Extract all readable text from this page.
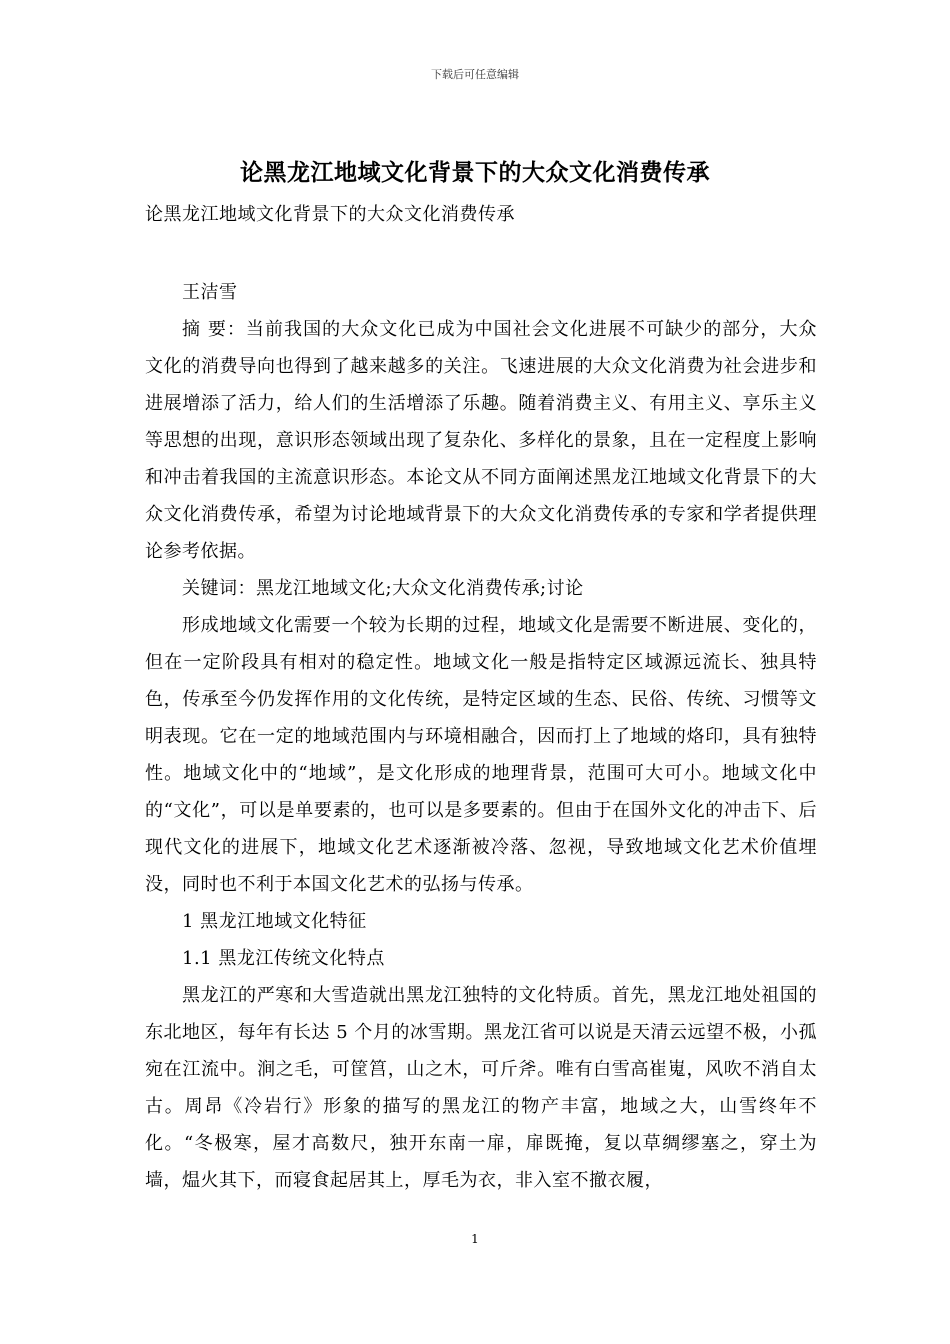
下载后可任意编辑
论黑龙江地域文化背景下的大众文化消费传承
论黑龙江地域文化背景下的大众文化消费传承

王洁雪

摘 要：当前我国的大众文化已成为中国社会文化进展不可缺少的部分，大众文化的消费导向也得到了越来越多的关注。飞速进展的大众文化消费为社会进步和进展增添了活力，给人们的生活增添了乐趣。随着消费主义、有用主义、享乐主义等思想的出现，意识形态领域出现了复杂化、多样化的景象，且在一定程度上影响和冲击着我国的主流意识形态。本论文从不同方面阐述黑龙江地域文化背景下的大众文化消费传承，希望为讨论地域背景下的大众文化消费传承的专家和学者提供理论参考依据。

关键词：黑龙江地域文化;大众文化消费传承;讨论

形成地域文化需要一个较为长期的过程，地域文化是需要不断进展、变化的，但在一定阶段具有相对的稳定性。地域文化一般是指特定区域源远流长、独具特色，传承至今仍发挥作用的文化传统，是特定区域的生态、民俗、传统、习惯等文明表现。它在一定的地域范围内与环境相融合，因而打上了地域的烙印，具有独特性。地域文化中的“地域”，是文化形成的地理背景，范围可大可小。地域文化中的“文化”，可以是单要素的，也可以是多要素的。但由于在国外文化的冲击下、后现代文化的进展下，地域文化艺术逐渐被冷落、忽视，导致地域文化艺术价值埋没，同时也不利于本国文化艺术的弘扬与传承。

1 黑龙江地域文化特征

1.1 黑龙江传统文化特点

黑龙江的严寒和大雪造就出黑龙江独特的文化特质。首先，黑龙江地处祖国的东北地区，每年有长达 5 个月的冰雪期。黑龙江省可以说是天清云远望不极，小孤宛在江流中。涧之毛，可筐筥，山之木，可斤斧。唯有白雪高崔嵬，风吹不消自太古。周昂《冷岩行》形象的描写的黑龙江的物产丰富，地域之大，山雪终年不化。“冬极寒，屋才高数尺，独开东南一扉，扉既掩，复以草绸缪塞之，穿土为墙，煴火其下，而寝食起居其上，厚毛为衣，非入室不撤衣履，

1
